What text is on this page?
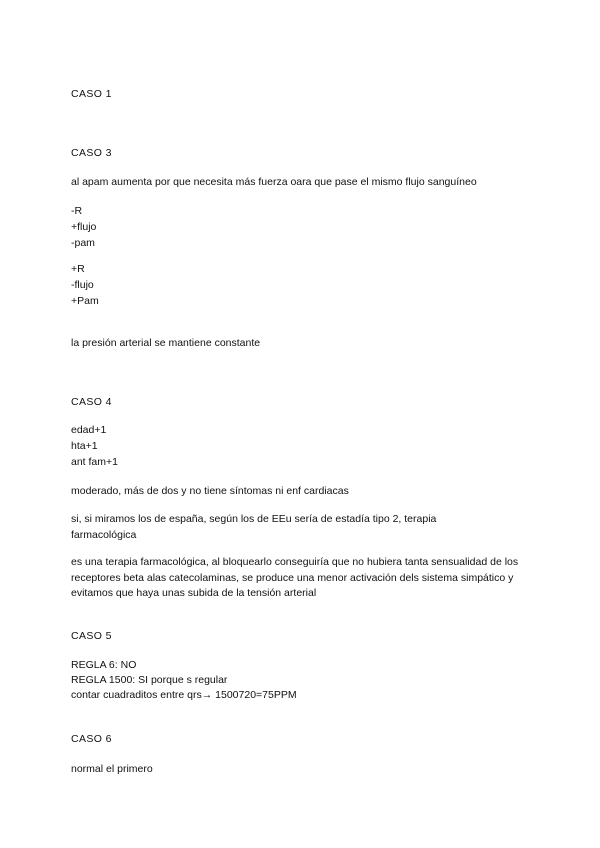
CASO 1
CASO 3
al apam aumenta por que necesita más fuerza oara que pase el mismo flujo sanguíneo
-R
+flujo
-pam
+R
-flujo
+Pam
la presión arterial se mantiene constante
CASO 4
edad+1
hta+1
ant fam+1
moderado, más de dos y no tiene síntomas ni enf cardiacas
si, si miramos los de españa, según los de EEu sería de estadía tipo 2, terapia farmacológica
es una terapia farmacológica, al bloquearlo conseguiría que no hubiera tanta sensualidad de los receptores beta alas catecolaminas, se produce una menor activación dels sistema simpático y evitamos que haya unas subida de la tensión arterial
CASO 5
REGLA 6: NO
REGLA 1500: SI porque s regular
contar cuadraditos entre qrs→ 1500720=75PPM
CASO 6
normal el primero
